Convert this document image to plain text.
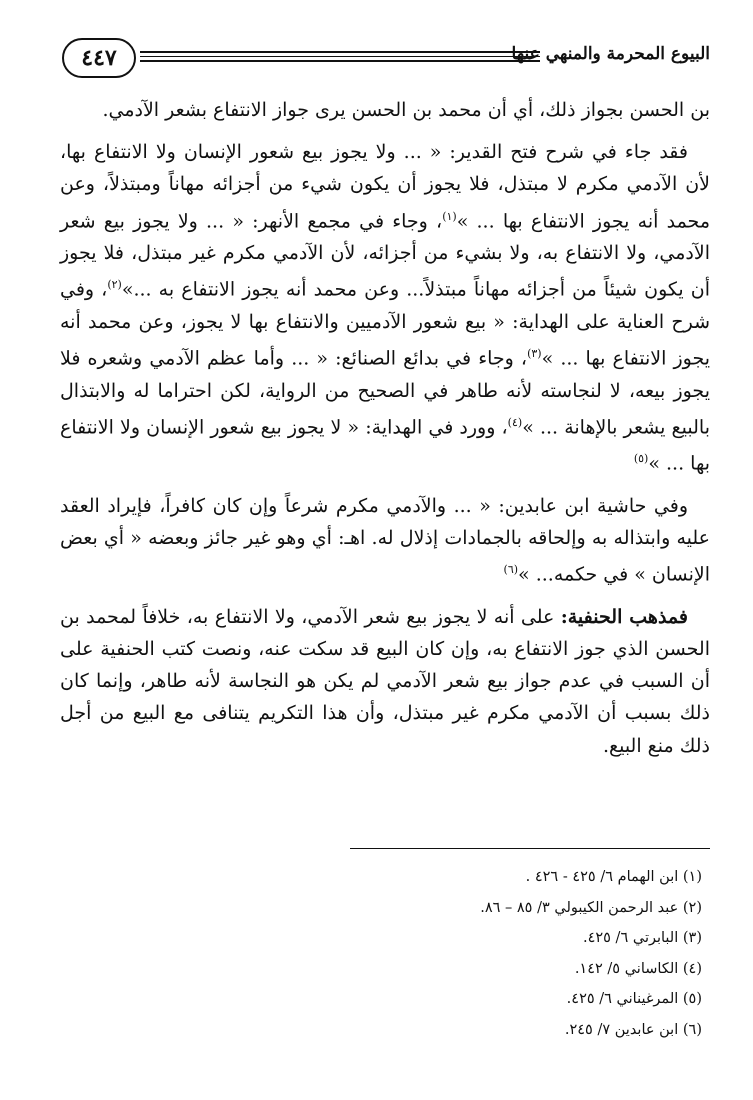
٤٤٧	البيوع المحرمة والمنهي عنها

بن الحسن بجواز ذلك، أي أن محمد بن الحسن يرى جواز الانتفاع بشعر الآدمي.

فقد جاء في شرح فتح القدير: « ... ولا يجوز بيع شعور الإنسان ولا الانتفاع بها، لأن الآدمي مكرم لا مبتذل، فلا يجوز أن يكون شيء من أجزائه مهاناً ومبتذلاً، وعن محمد أنه يجوز الانتفاع بها ... »$^{(١)}$، وجاء في مجمع الأنهر: « ... ولا يجوز بيع شعر الآدمي، ولا الانتفاع به، ولا بشيء من أجزائه، لأن الآدمي مكرم غير مبتذل، فلا يجوز أن يكون شيئاً من أجزائه مهاناً مبتذلاً... وعن محمد أنه يجوز الانتفاع به ...»$^{(٢)}$، وفي شرح العناية على الهداية: « بيع شعور الآدميين والانتفاع بها لا يجوز، وعن محمد أنه يجوز الانتفاع بها ... »$^{(٣)}$، وجاء في بدائع الصنائع: « ... وأما عظم الآدمي وشعره فلا يجوز بيعه، لا لنجاسته لأنه طاهر في الصحيح من الرواية، لكن احتراما له والابتذال بالبيع يشعر بالإهانة ... »$^{(٤)}$، وورد في الهداية: « لا يجوز بيع شعور الإنسان ولا الانتفاع بها ... »$^{(٥)}$

وفي حاشية ابن عابدين: « ... والآدمي مكرم شرعاً وإن كان كافراً، فإيراد العقد عليه وابتذاله به وإلحاقه بالجمادات إذلال له. اهـ: أي وهو غير جائز وبعضه « أي بعض الإنسان » في حكمه... »$^{(٦)}$

فمذهب الحنفية: على أنه لا يجوز بيع شعر الآدمي، ولا الانتفاع به، خلافاً لمحمد بن الحسن الذي جوز الانتفاع به، وإن كان البيع قد سكت عنه، ونصت كتب الحنفية على أن السبب في عدم جواز بيع شعر الآدمي لم يكن هو النجاسة لأنه طاهر، وإنما كان ذلك بسبب أن الآدمي مكرم غير مبتذل، وأن هذا التكريم يتنافى مع البيع من أجل ذلك منع البيع.

(١) ابن الهمام ٦/ ٤٢٥ - ٤٢٦ .
(٢) عبد الرحمن الكيبولي ٣/ ٨٥ – ٨٦.
(٣) البابرتي ٦/ ٤٢٥.
(٤) الكاساني ٥/ ١٤٢.
(٥) المرغيناني ٦/ ٤٢٥.
(٦) ابن عابدين ٧/ ٢٤٥.
